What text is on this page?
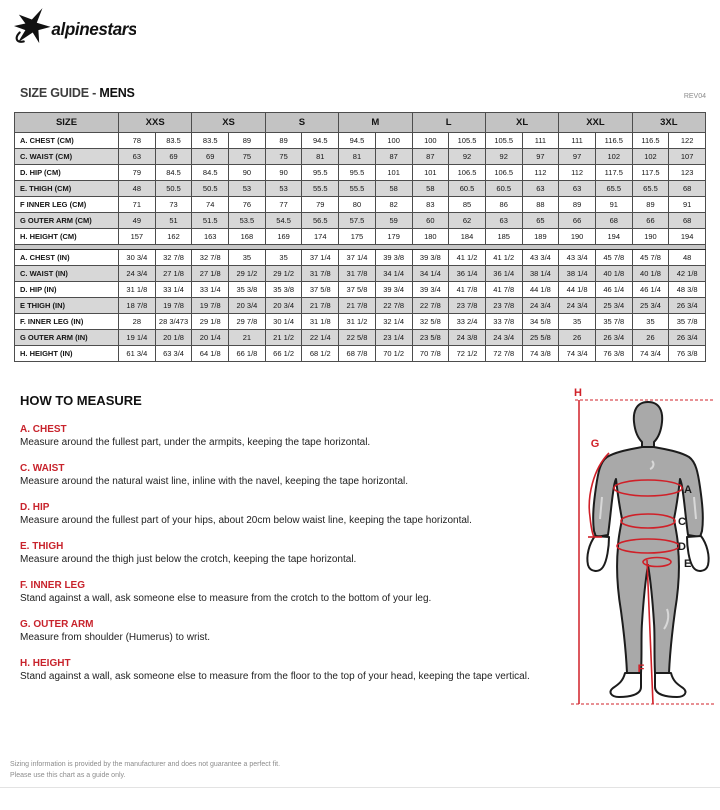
alpinestars
SIZE GUIDE - MENS	REV04
SIZE	XXS		XS		S		M		L		XL		XXL		3XL	
A. CHEST (CM)	78	83.5	83.5	89	89	94.5	94.5	100	100	105.5	105.5	111	111	116.5	116.5	122
C. WAIST (CM)	63	69	69	75	75	81	81	87	87	92	92	97	97	102	102	107
D. HIP (CM)	79	84.5	84.5	90	90	95.5	95.5	101	101	106.5	106.5	112	112	117.5	117.5	123
E. THIGH (CM)	48	50.5	50.5	53	53	55.5	55.5	58	58	60.5	60.5	63	63	65.5	65.5	68
F INNER LEG (CM)	71	73	74	76	77	79	80	82	83	85	86	88	89	91	89	91
G OUTER ARM (CM)	49	51	51.5	53.5	54.5	56.5	57.5	59	60	62	63	65	66	68	66	68
H. HEIGHT (CM)	157	162	163	168	169	174	175	179	180	184	185	189	190	194	190	194

A. CHEST (IN)	30 3/4	32 7/8	32 7/8	35	35	37 1/4	37 1/4	39 3/8	39 3/8	41 1/2	41 1/2	43 3/4	43 3/4	45 7/8	45 7/8	48
C. WAIST (IN)	24 3/4	27 1/8	27 1/8	29 1/2	29 1/2	31 7/8	31 7/8	34 1/4	34 1/4	36 1/4	36 1/4	38 1/4	38 1/4	40 1/8	40 1/8	42 1/8
D. HIP (IN)	31 1/8	33 1/4	33 1/4	35 3/8	35 3/8	37 5/8	37 5/8	39 3/4	39 3/4	41 7/8	41 7/8	44 1/8	44 1/8	46 1/4	46 1/4	48 3/8
E THIGH (IN)	18 7/8	19 7/8	19 7/8	20 3/4	20 3/4	21 7/8	21 7/8	22 7/8	22 7/8	23 7/8	23 7/8	24 3/4	24 3/4	25 3/4	25 3/4	26 3/4
F. INNER LEG (IN)	28	28 3/473	29 1/8	29 7/8	30 1/4	31 1/8	31 1/2	32 1/4	32 5/8	33 2/4	33 7/8	34 5/8	35	35 7/8	35	35 7/8
G OUTER ARM (IN)	19 1/4	20 1/8	20 1/4	21	21 1/2	22 1/4	22 5/8	23 1/4	23 5/8	24 3/8	24 3/4	25 5/8	26	26 3/4	26	26 3/4
H. HEIGHT (IN)	61 3/4	63 3/4	64 1/8	66 1/8	66 1/2	68 1/2	68 7/8	70 1/2	70 7/8	72 1/2	72 7/8	74 3/8	74 3/4	76 3/8	74 3/4	76 3/8
HOW TO MEASURE
A. CHEST

Measure around the fullest part, under the armpits, keeping the tape horizontal.

C. WAIST

Measure around the natural waist line, inline with the navel, keeping the tape horizontal.

D. HIP

Measure around the fullest part of your hips, about 20cm below waist line, keeping the tape horizontal.

E. THIGH

Measure around the thigh just below the crotch, keeping the tape horizontal.

F. INNER LEG

Stand against a wall, ask someone else to measure from the crotch to the bottom of your leg.

G. OUTER ARM

Measure from shoulder (Humerus) to wrist.

H. HEIGHT

Stand against a wall, ask someone else to measure from the floor to the top of your head, keeping the tape vertical.

H
G
A
C
D
E
F

Sizing information is provided by the manufacturer and does not guarantee a perfect fit.

Please use this chart as a guide only.
